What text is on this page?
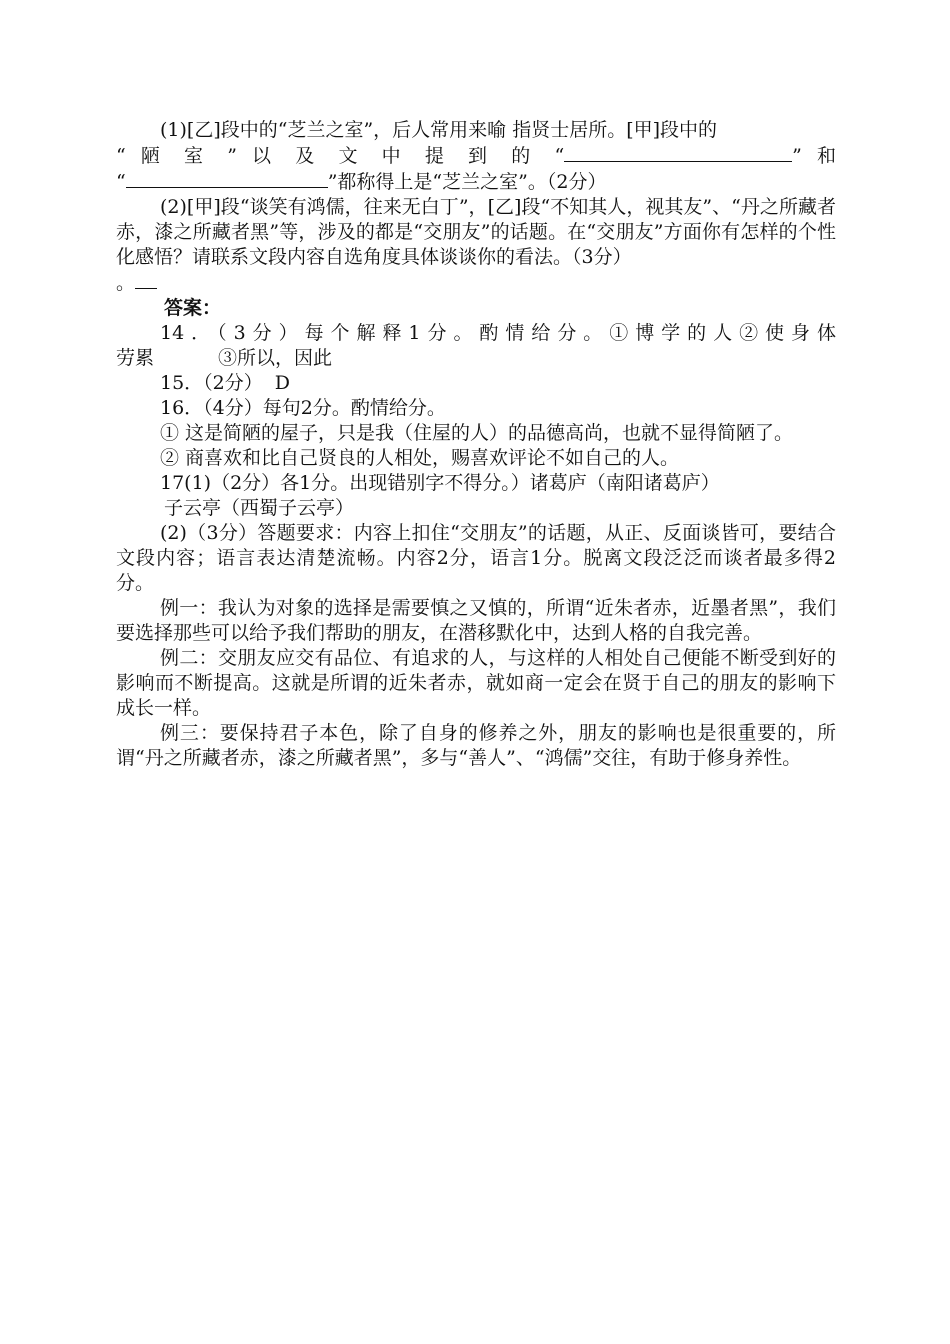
(1)[乙]段中的“芝兰之室”，后人常用来喻 指贤士居所。[甲]段中的

“ 陋 室 ” 以 及 文 中 提 到 的 “	” 和

“	”都称得上是“芝兰之室”。（2分）

(2)[甲]段“谈笑有鸿儒，往来无白丁”，[乙]段“不知其人，视其友”、“丹之所藏者赤，漆之所藏者黑”等，涉及的都是“交朋友”的话题。在“交朋友”方面你有怎样的个性化感悟？请联系文段内容自选角度具体谈谈你的看法。（3分）

。

答案：

14．（3分）每个解释1分。酌情给分。①博学的人②使身体

劳累	③所以，因此

15．（2分） D

16．（4分）每句2分。酌情给分。

① 这是简陋的屋子，只是我（住屋的人）的品德高尚，也就不显得简陋了。

② 商喜欢和比自己贤良的人相处，赐喜欢评论不如自己的人。

17(1)（2分）各1分。出现错别字不得分。）诸葛庐（南阳诸葛庐）

子云亭（西蜀子云亭）

(2)（3分）答题要求：内容上扣住“交朋友”的话题，从正、反面谈皆可，要结合文段内容；语言表达清楚流畅。内容2分，语言1分。脱离文段泛泛而谈者最多得2分。

例一：我认为对象的选择是需要慎之又慎的，所谓“近朱者赤，近墨者黑”，我们要选择那些可以给予我们帮助的朋友，在潜移默化中，达到人格的自我完善。

例二：交朋友应交有品位、有追求的人，与这样的人相处自己便能不断受到好的影响而不断提高。这就是所谓的近朱者赤，就如商一定会在贤于自己的朋友的影响下成长一样。

例三：要保持君子本色，除了自身的修养之外，朋友的影响也是很重要的，所谓“丹之所藏者赤，漆之所藏者黑”，多与“善人”、“鸿儒”交往，有助于修身养性。
